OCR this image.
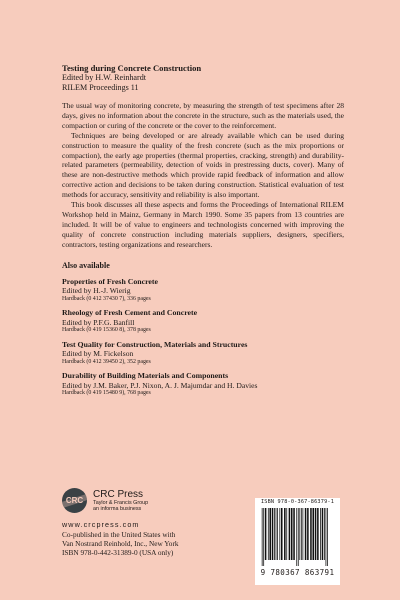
Testing during Concrete Construction

Edited by H.W. Reinhardt

RILEM Proceedings 11

The usual way of monitoring concrete, by measuring the strength of test specimens after 28 days, gives no information about the concrete in the structure, such as the materials used, the compaction or curing of the concrete or the cover to the reinforcement.

Techniques are being developed or are already available which can be used during construction to measure the quality of the fresh concrete (such as the mix proportions or compaction), the early age properties (thermal properties, cracking, strength) and durability-related parameters (permeability, detection of voids in prestressing ducts, cover). Many of these are non-destructive methods which provide rapid feedback of information and allow corrective action and decisions to be taken during construction. Statistical evaluation of test methods for accuracy, sensitivity and reliability is also important.

This book discusses all these aspects and forms the Proceedings of International RILEM Workshop held in Mainz, Germany in March 1990. Some 35 papers from 13 countries are included. It will be of value to engineers and technologists concerned with improving the quality of concrete construction including materials suppliers, designers, specifiers, contractors, testing organizations and researchers.

Also available

Properties of Fresh Concrete

Edited by H.-J. Wierig

Hardback (0 412 37430 7), 336 pages

Rheology of Fresh Cement and Concrete

Edited by P.F.G. Banfill

Hardback (0 419 15360 8), 378 pages

Test Quality for Construction, Materials and Structures

Edited by M. Fickelson

Hardback (0 412 39450 2), 352 pages

Durability of Building Materials and Components

Edited by J.M. Baker, P.J. Nixon, A. J. Majumdar and H. Davies

Hardback (0 419 15480 9), 768 pages

CRC
CRC Press
Taylor & Francis Group
an informa business
www.crcpress.com

Co-published in the United States with

Van Nostrand Reinhold, Inc., New York

ISBN 978-0-442-31389-0 (USA only)

ISBN 978-0-367-86379-1
9 780367 863791
